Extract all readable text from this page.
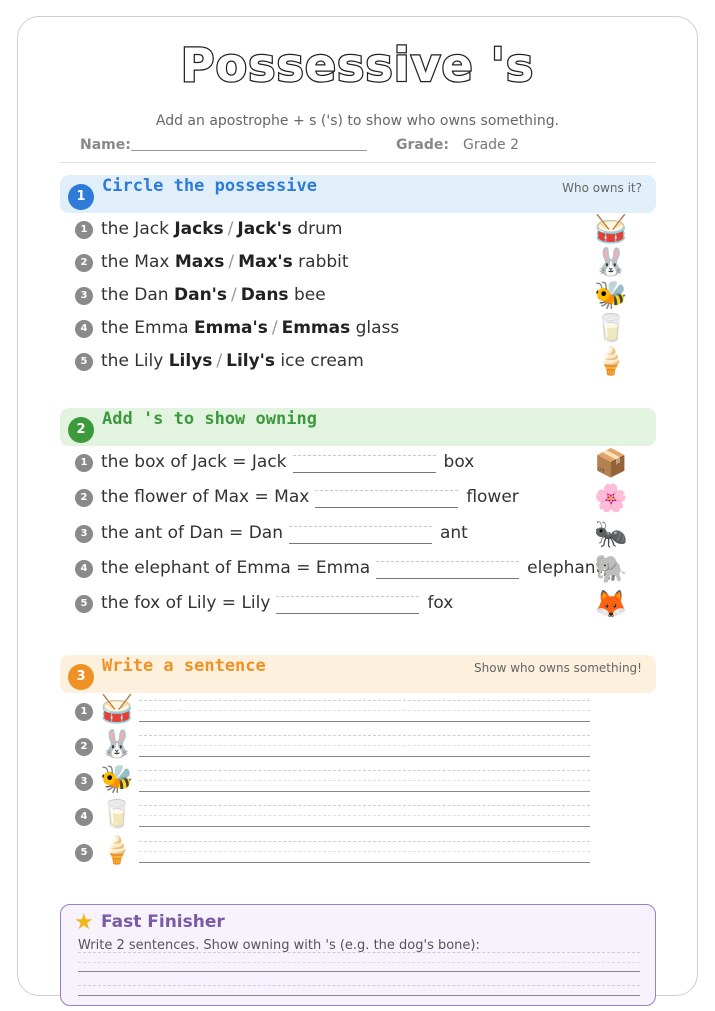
Possessive 's
Add an apostrophe + s ('s) to show who owns something.
Name:	Grade: Grade 2
1
Circle the possessive	Who owns it?
1 the Jack Jacks / Jack's drum	🥁
2 the Max Maxs / Max's rabbit	🐰
3 the Dan Dan's / Dans bee	🐝
4 the Emma Emma's / Emmas glass	🥛
5 the Lily Lilys / Lily's ice cream	🍦
2
Add 's to show owning
1 the box of Jack = Jack	box	📦
2 the flower of Max = Max	flower	🌸
3 the ant of Dan = Dan	ant	🐜
4 the elephant of Emma = Emma	elephant
🐘
5 the fox of Lily = Lily	fox	🦊
3
Write a sentence	Show who owns something!
1 🥁
2 🐰
3 🐝
4 🥛
5 🍦
★ Fast Finisher
Write 2 sentences. Show owning with 's (e.g. the dog's bone):
